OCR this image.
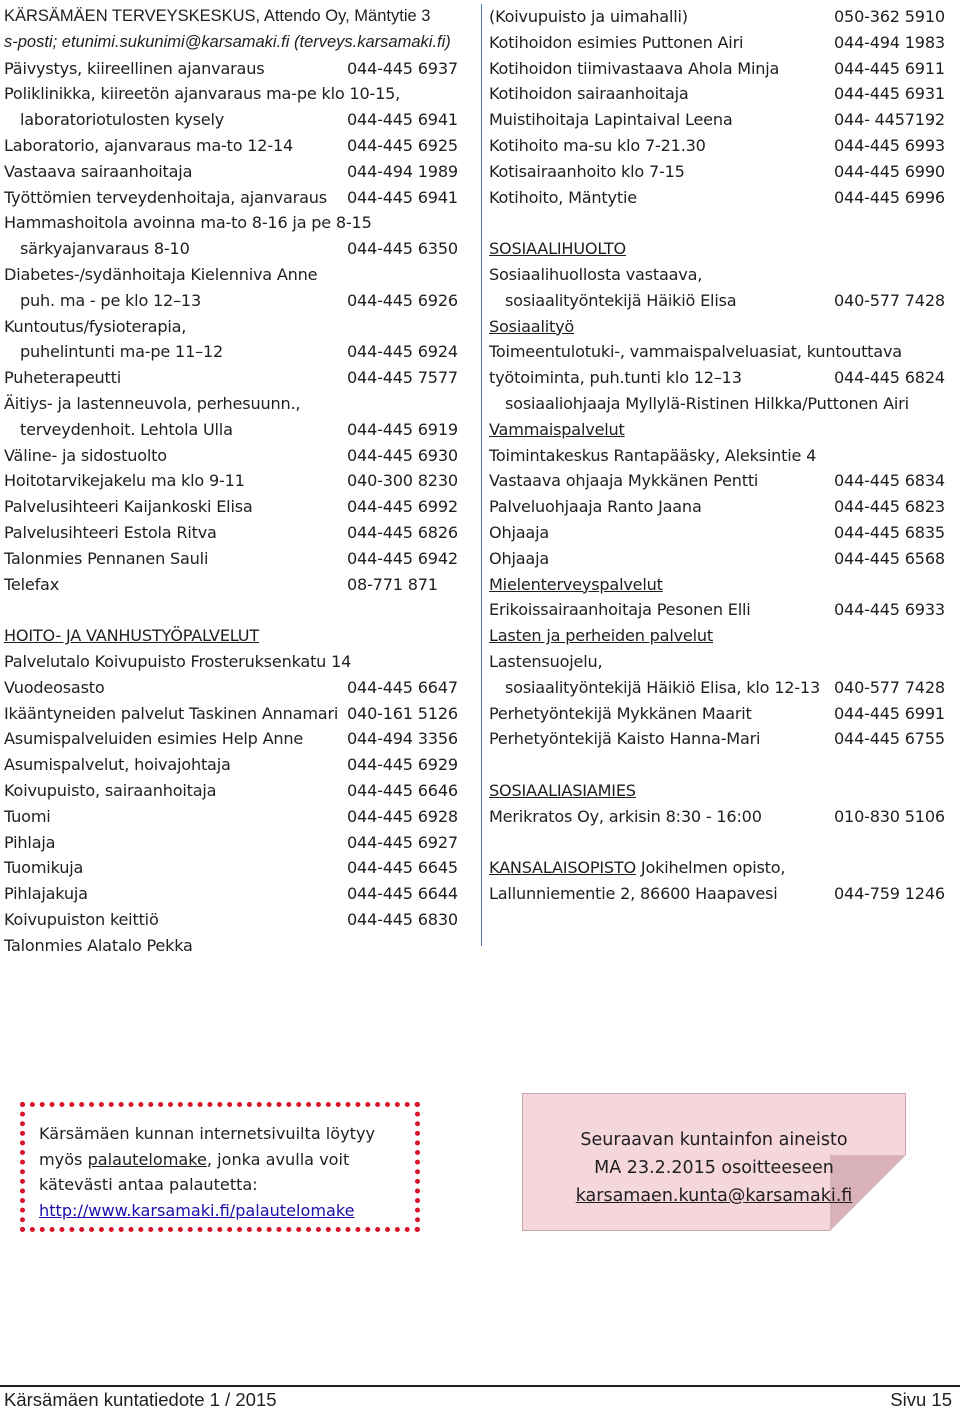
KÄRSÄMÄEN TERVEYSKESKUS, Attendo Oy, Mäntytie 3
s-posti; etunimi.sukunimi@karsamaki.fi (terveys.karsamaki.fi)
Päivystys, kiireellinen ajanvaraus	044-445 6937
Poliklinikka, kiireetön ajanvaraus ma-pe klo 10-15,
laboratoriotulosten kysely	044-445 6941
Laboratorio, ajanvaraus ma-to 12-14	044-445 6925
Vastaava sairaanhoitaja	044-494 1989
Työttömien terveydenhoitaja, ajanvaraus 044-445 6941
Hammashoitola avoinna ma-to 8-16 ja pe 8-15
särkyajanvaraus 8-10	044-445 6350
Diabetes-/sydänhoitaja Kielenniva Anne
puh. ma - pe klo 12–13	044-445 6926
Kuntoutus/fysioterapia,
puhelintunti ma-pe 11–12	044-445 6924
Puheterapeutti	044-445 7577
Äitiys- ja lastenneuvola, perhesuunn.,
terveydenhoit. Lehtola Ulla	044-445 6919
Väline- ja sidostuolto	044-445 6930
Hoitotarvikejakelu ma klo 9-11	040-300 8230
Palvelusihteeri Kaijankoski Elisa	044-445 6992
Palvelusihteeri Estola Ritva	044-445 6826
Talonmies Pennanen Sauli	044-445 6942
Telefax	08-771 871
HOITO- JA VANHUSTYÖPALVELUT
Palvelutalo Koivupuisto Frosteruksenkatu 14
Vuodeosasto	044-445 6647
Ikääntyneiden palvelut Taskinen Annamari 040-161 5126
Asumispalveluiden esimies Help Anne	044-494 3356
Asumispalvelut, hoivajohtaja	044-445 6929
Koivupuisto, sairaanhoitaja	044-445 6646
Tuomi	044-445 6928
Pihlaja	044-445 6927
Tuomikuja	044-445 6645
Pihlajakuja	044-445 6644
Koivupuiston keittiö	044-445 6830
Talonmies Alatalo Pekka
(Koivupuisto ja uimahalli)	050-362 5910
Kotihoidon esimies Puttonen Airi	044-494 1983
Kotihoidon tiimivastaava Ahola Minja	044-445 6911
Kotihoidon sairaanhoitaja	044-445 6931
Muistihoitaja Lapintaival Leena	044- 4457192
Kotihoito ma-su klo 7-21.30	044-445 6993
Kotisairaanhoito klo 7-15	044-445 6990
Kotihoito, Mäntytie	044-445 6996
SOSIAALIHUOLTO
Sosiaalihuollosta vastaava,
sosiaalityöntekijä Häikiö Elisa	040-577 7428
Sosiaalityö
Toimeentulotuki-, vammaispalveluasiat, kuntouttava
työtoiminta, puh.tunti klo 12–13	044-445 6824
sosiaaliohjaaja Myllylä-Ristinen Hilkka/Puttonen Airi
Vammaispalvelut
Toimintakeskus Rantapääsky, Aleksintie 4
Vastaava ohjaaja Mykkänen Pentti	044-445 6834
Palveluohjaaja Ranto Jaana	044-445 6823
Ohjaaja	044-445 6835
Ohjaaja	044-445 6568
Mielenterveyspalvelut
Erikoissairaanhoitaja Pesonen Elli	044-445 6933
Lasten ja perheiden palvelut
Lastensuojelu,
sosiaalityöntekijä Häikiö Elisa, klo 12-13 040-577 7428
Perhetyöntekijä Mykkänen Maarit	044-445 6991
Perhetyöntekijä Kaisto Hanna-Mari	044-445 6755
SOSIAALIASIAMIES
Merikratos Oy, arkisin 8:30 - 16:00	010-830 5106
KANSALAISOPISTO Jokihelmen opisto,
Lallunniementie 2, 86600 Haapavesi	044-759 1246
Kärsämäen kunnan internetsivuilta löytyy
myös palautelomake, jonka avulla voit
kätevästi antaa palautetta:
http://www.karsamaki.fi/palautelomake
Seuraavan kuntainfon aineisto
MA 23.2.2015 osoitteeseen
karsamaen.kunta@karsamaki.fi
Kärsämäen kuntatiedote 1 / 2015	Sivu 15
